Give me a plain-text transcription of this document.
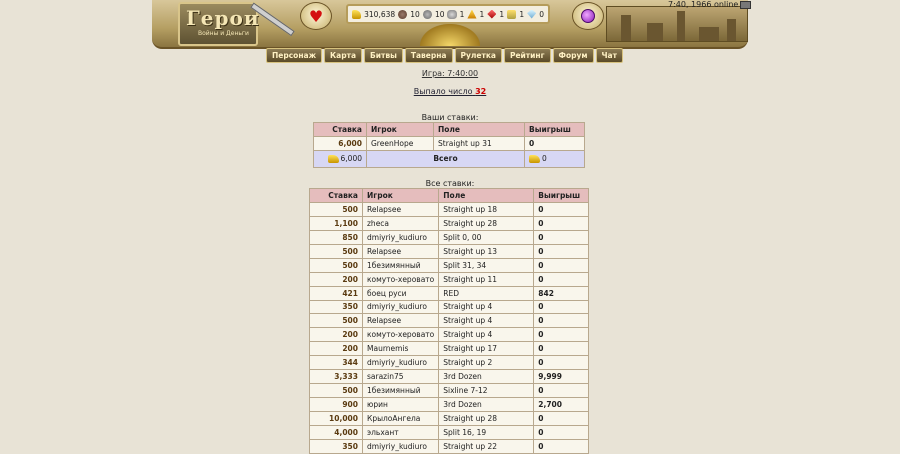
Герои
Войны и Деньги
♥	310,638 10 10 1 1 1 1 0
7:40, 1966 online
Персонаж	Карта	Битвы	Таверна	Рулетка	Рейтинг	Форум	Чат
Игра: 7:40:00
Выпало число 32
Ваши ставки:
Ставка	Игрок	Поле	Выигрыш
6,000	GreenHope	Straight up 31	0
6,000	Всего		0
Все ставки:
Ставка	Игрок	Поле	Выигрыш
500	Relapsee	Straight up 18	0
1,100	zheca	Straight up 28	0
850	dmiyriy_kudiuro	Split 0, 00	0
500	Relapsee	Straight up 13	0
500	1безимянный	Split 31, 34	0
200	комуто-херовато	Straight up 11	0
421	боец руси	RED	842
350	dmiyriy_kudiuro	Straight up 4	0
500	Relapsee	Straight up 4	0
200	комуто-херовато	Straight up 4	0
200	Maurnemis	Straight up 17	0
344	dmiyriy_kudiuro	Straight up 2	0
3,333	sarazin75	3rd Dozen	9,999
500	1безимянный	Sixline 7-12	0
900	юрин	3rd Dozen	2,700
10,000	КрылоАнгела	Straight up 28	0
4,000	эльхант	Split 16, 19	0
350	dmiyriy_kudiuro	Straight up 22	0
